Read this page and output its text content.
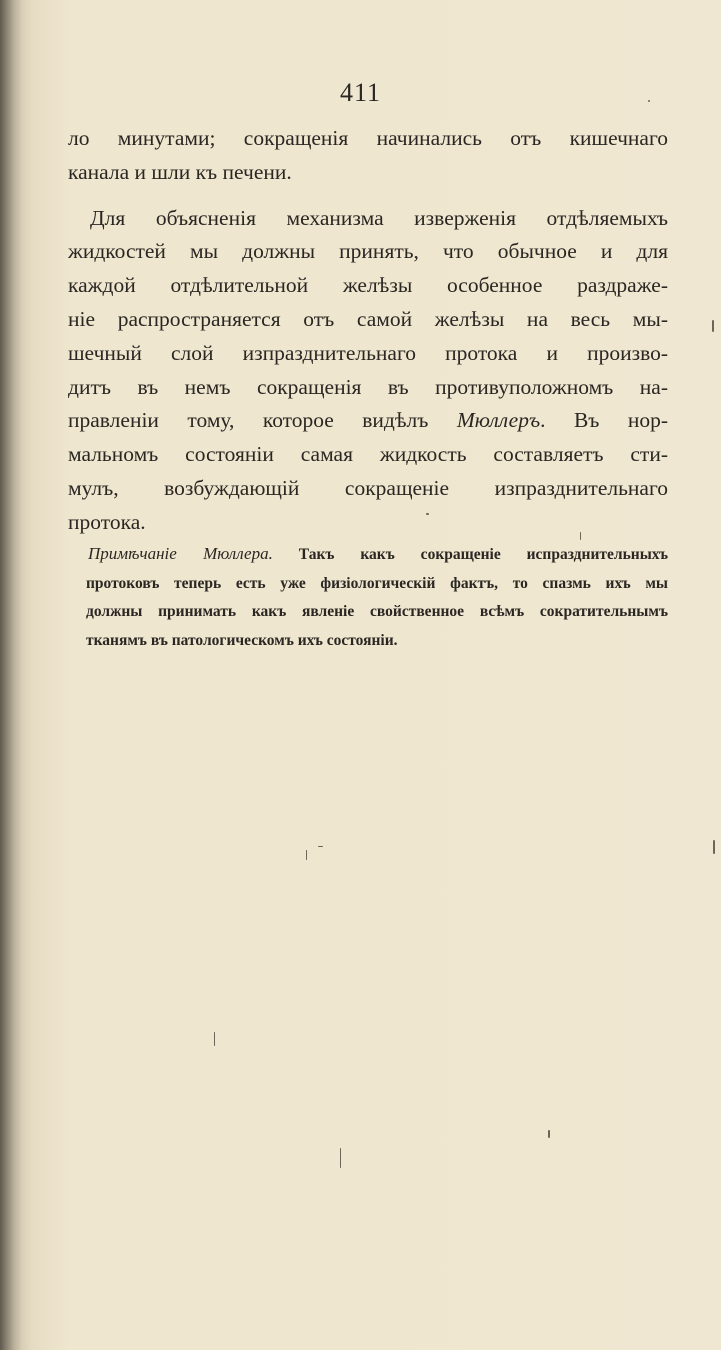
411
ло минутами; сокращенія начинались отъ кишечнаго
канала и шли къ печени.
Для объясненія механизма изверженія отдѣляемыхъ
жидкостей мы должны принять, что обычное и для
каждой отдѣлительной желѣзы особенное раздраже-
ніе распространяется отъ самой желѣзы на весь мы-
шечный слой изпразднительнаго протока и произво-
дитъ въ немъ сокращенія въ противуположномъ на-
правленіи тому, которое видѣлъ Мюллеръ. Въ нор-
мальномъ состояніи самая жидкость составляетъ сти-
мулъ, возбуждающій сокращеніе изпразднительнаго
протока.
Примѣчаніе Мюллера. Такъ какъ сокращеніе испразднительныхъ
протоковъ теперь есть уже физіологическій фактъ, то спазмь ихъ мы
должны принимать какъ явленіе свойственное всѣмъ сократительнымъ
тканямъ въ патологическомъ ихъ состояніи.
